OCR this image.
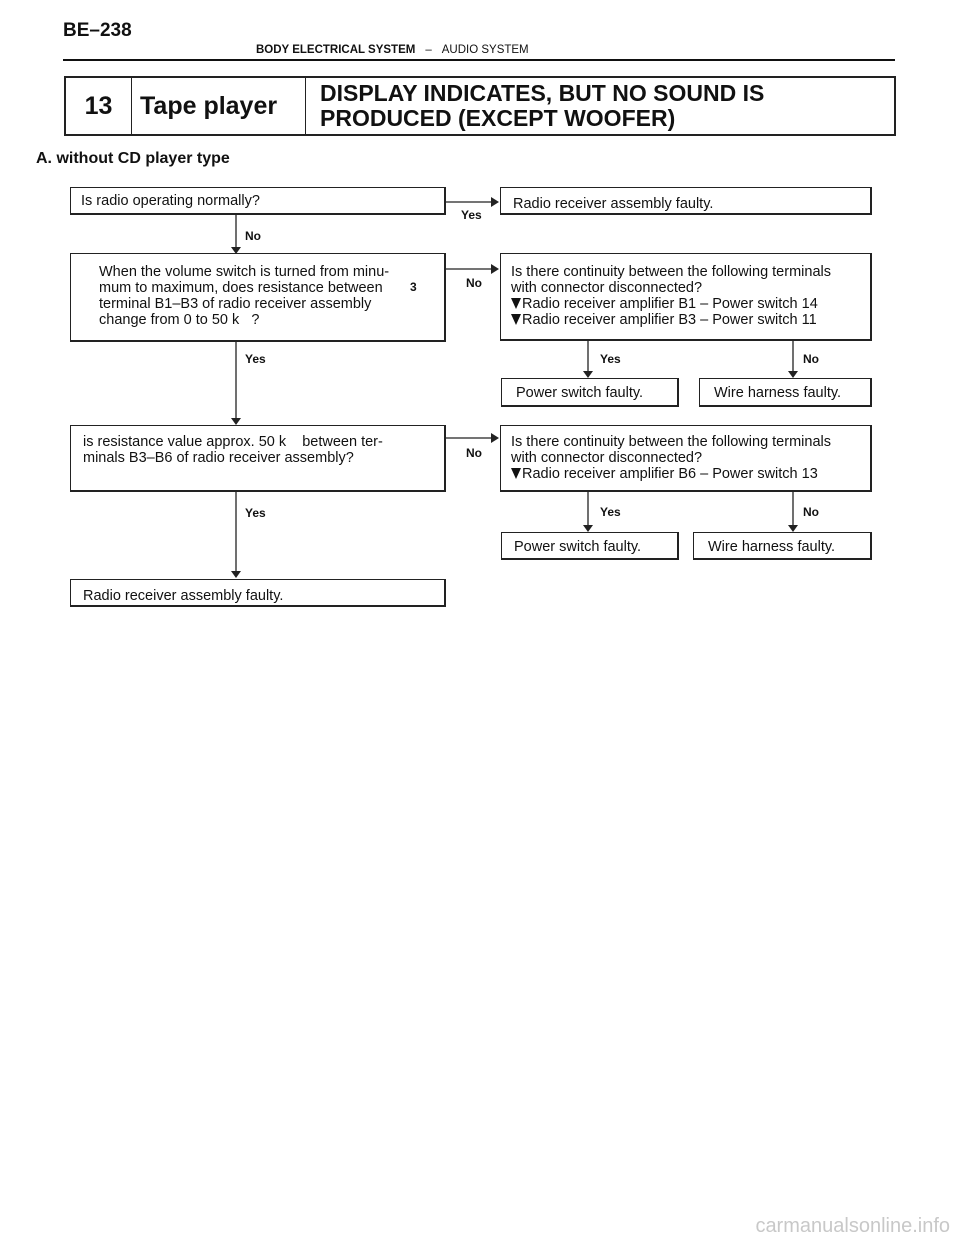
BE–238
BODY ELECTRICAL SYSTEM – AUDIO SYSTEM
13	Tape player	DISPLAY INDICATES, BUT NO SOUND IS
PRODUCED (EXCEPT WOOFER)
A. without CD player type
Yes
No
No
Yes	Yes	No
No
Yes	Yes	No
Is radio operating normally?	Radio receiver assembly faulty.
When the volume switch is turned from minu-
mum to maximum, does resistance between
terminal B1–B3 of radio receiver assembly
change from 0 to 50 k   ?
3
Is there continuity between the following terminals
with connector disconnected?
Radio receiver amplifier B1 – Power switch 14
Radio receiver amplifier B3 – Power switch 11
Power switch faulty.	Wire harness faulty.
is resistance value approx. 50 k    between ter-
minals B3–B6 of radio receiver assembly?
Is there continuity between the following terminals
with connector disconnected?
Radio receiver amplifier B6 – Power switch 13
Power switch faulty.	Wire harness faulty.
Radio receiver assembly faulty.
carmanualsonline.info
